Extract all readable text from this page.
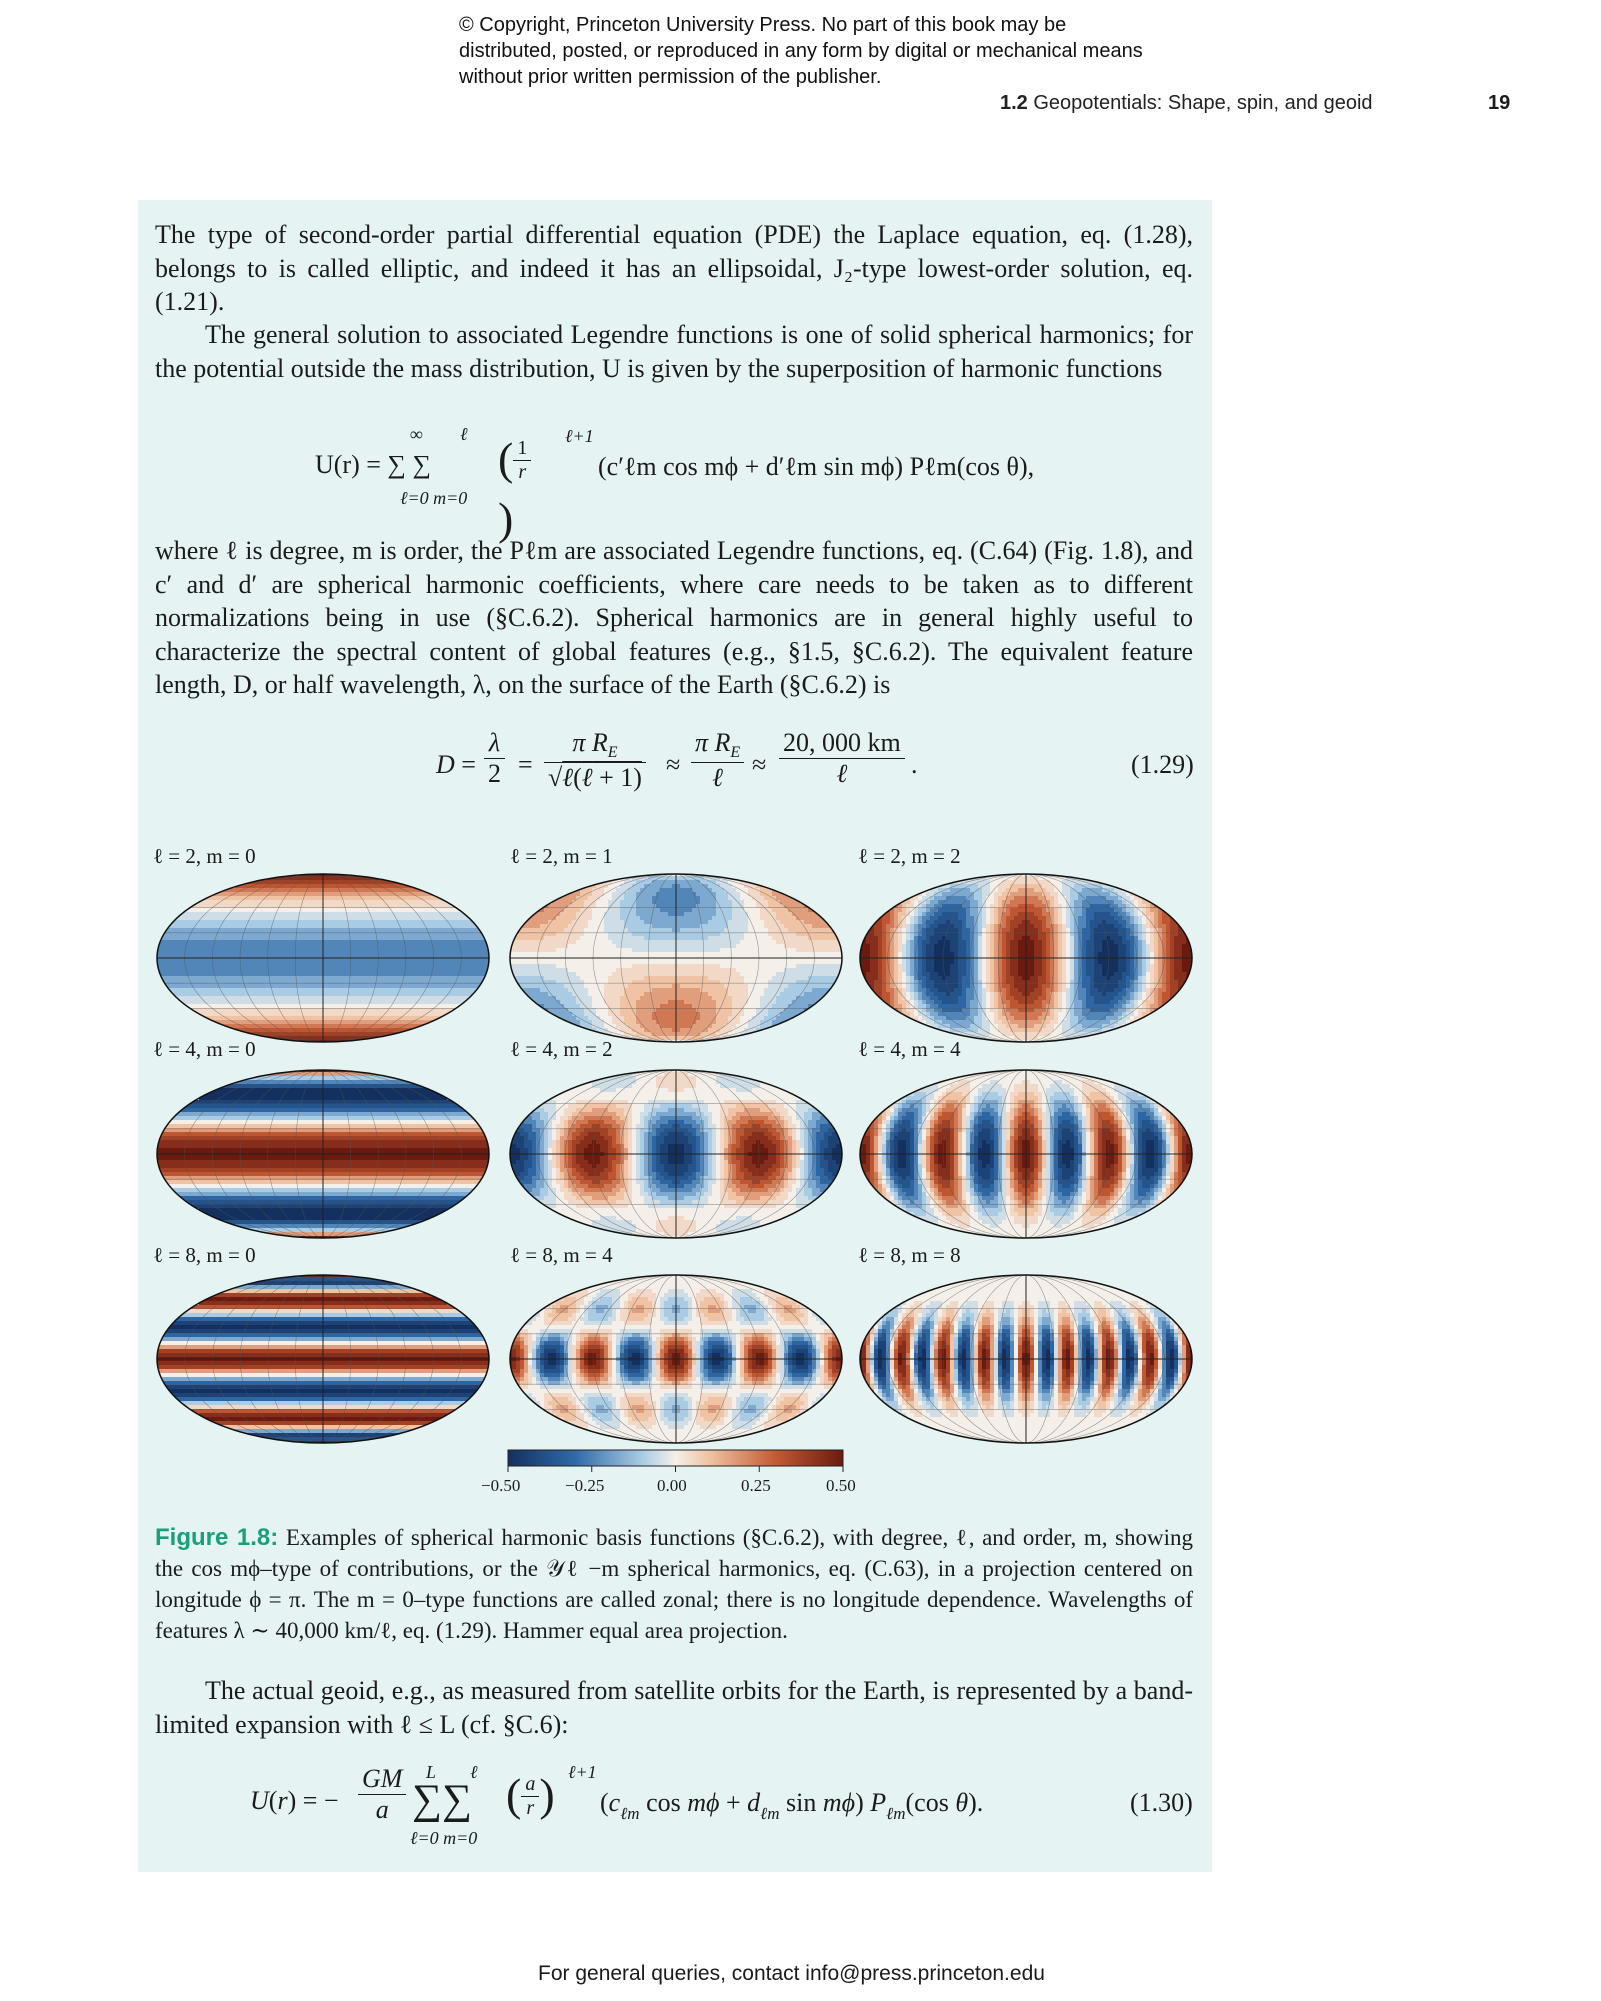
© Copyright, Princeton University Press. No part of this book may be distributed, posted, or reproduced in any form by digital or mechanical means without prior written permission of the publisher.
1.2 Geopotentials: Shape, spin, and geoid	19
The type of second-order partial differential equation (PDE) the Laplace equation, eq. (1.28), belongs to is called elliptic, and indeed it has an ellipsoidal, J₂-type lowest-order solution, eq. (1.21).
The general solution to associated Legendre functions is one of solid spherical harmonics; for the potential outside the mass distribution, U is given by the superposition of harmonic functions
U(r) = ∑ ∑
∞ ℓ
ℓ=0 m=0
( $\frac{1}{r}$
)
ℓ+1
(c′ℓm cos mϕ + d′ℓm sin mϕ) Pℓm(cos θ),
where ℓ is degree, m is order, the Pℓm are associated Legendre functions, eq. (C.64) (Fig. 1.8), and c′ and d′ are spherical harmonic coefficients, where care needs to be taken as to different normalizations being in use (§C.6.2). Spherical harmonics are in general highly useful to characterize the spectral content of global features (e.g., §1.5, §C.6.2). The equivalent feature length, D, or half wavelength, λ, on the surface of the Earth (§C.6.2) is
$D = \frac{\lambda}{2}$ =
π $R_E$
√ℓ(ℓ + 1) ≈
π $R_E$
ℓ	≈
20, 000 km
ℓ	.	(1.29)
ℓ = 2, m = 0	ℓ = 2, m = 1	ℓ = 2, m = 2
ℓ = 4, m = 0	ℓ = 4, m = 2	ℓ = 4, m = 4
ℓ = 8, m = 0	ℓ = 8, m = 4	ℓ = 8, m = 8
−0.50	−0.25	0.00	0.25	0.50
Figure 1.8: Examples of spherical harmonic basis functions (§C.6.2), with degree, ℓ, and order, m, showing the cos mϕ–type of contributions, or the 𝒴ℓ −m spherical harmonics, eq. (C.63), in a projection centered on longitude ϕ = π. The m = 0–type functions are called zonal; there is no longitude dependence. Wavelengths of features λ ∼ 40,000 km/ℓ, eq. (1.29). Hammer equal area projection.
The actual geoid, e.g., as measured from satellite orbits for the Earth, is represented by a band-limited expansion with ℓ ≤ L (cf. §C.6):
U(r) = − $\frac{GM}{a}$ L ℓ
∑∑
ℓ=0 m=0
( $\frac{a}{r}$ ) ℓ+1
($c_{\ell m}$ $\cos m\phi + d_{\ell m}$ sin mϕ) $P_{\ell m}(\cos$ θ).	(1.30)
For general queries, contact info@press.princeton.edu
